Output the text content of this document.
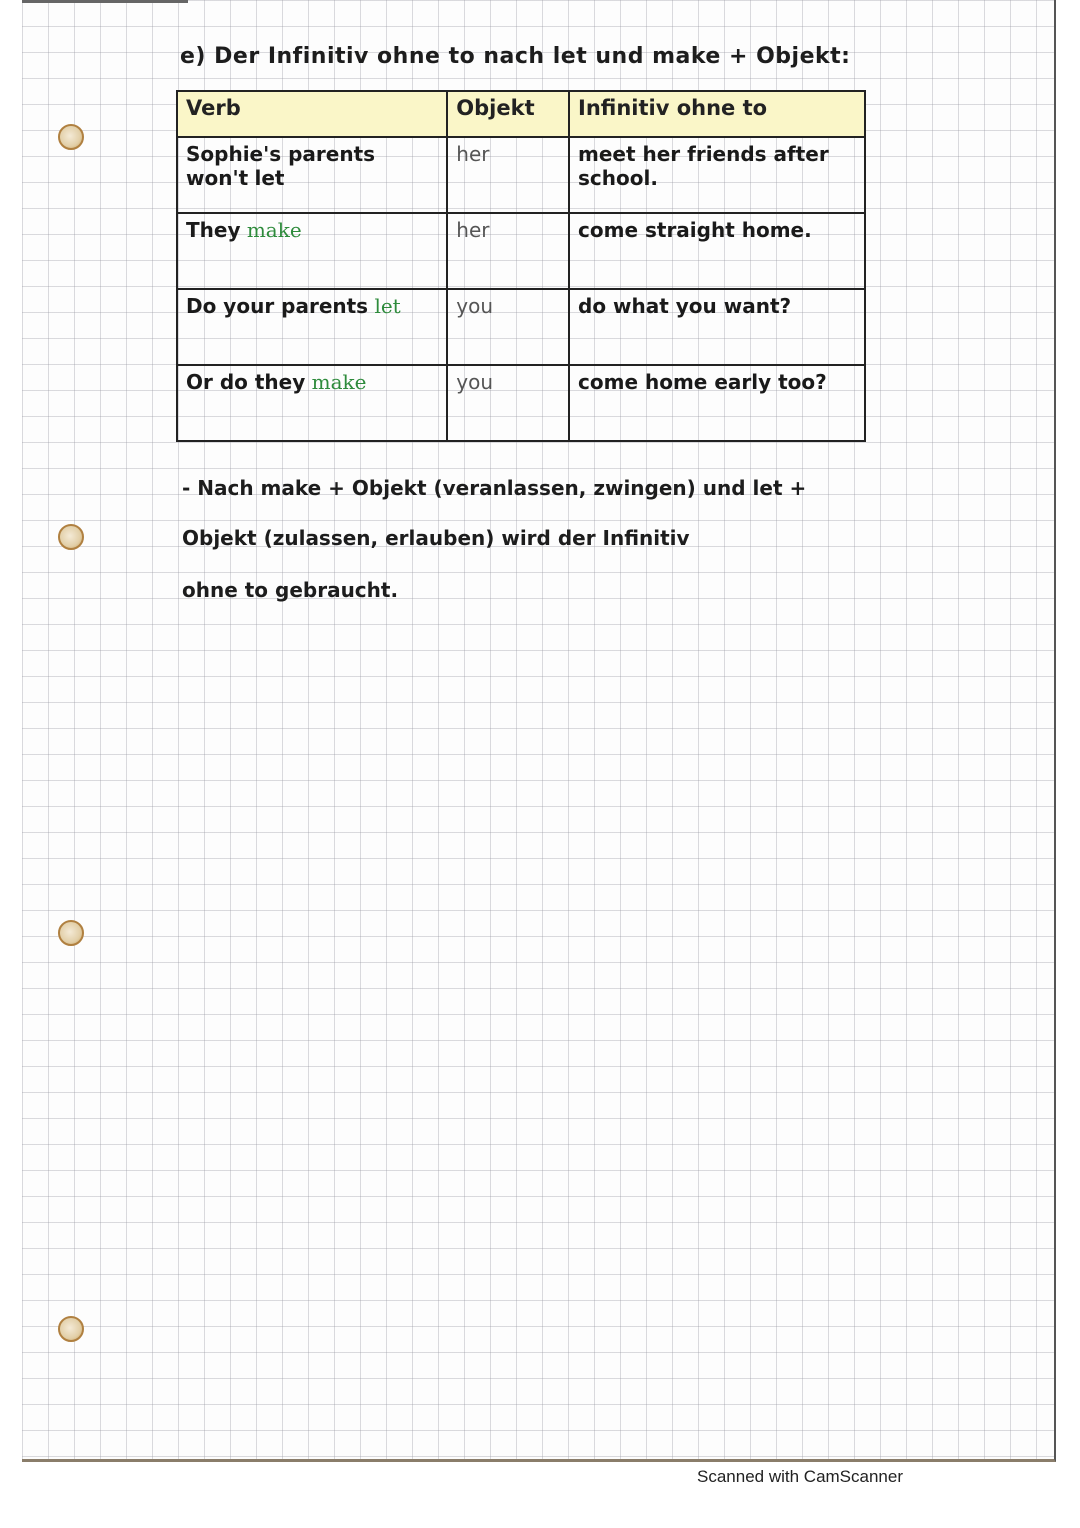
e) Der Infinitiv ohne to nach let und make + Objekt:
Verb	Objekt	Infinitiv ohne to
Sophie's parents won't let	her	meet her friends after school.
They make	her	come straight home.
Do your parents let	you	do what you want?
Or do they make	you	come home early too?
- Nach make + Objekt (veranlassen, zwingen) und let +
Objekt (zulassen, erlauben) wird der Infinitiv
ohne to gebraucht.
Scanned with CamScanner
